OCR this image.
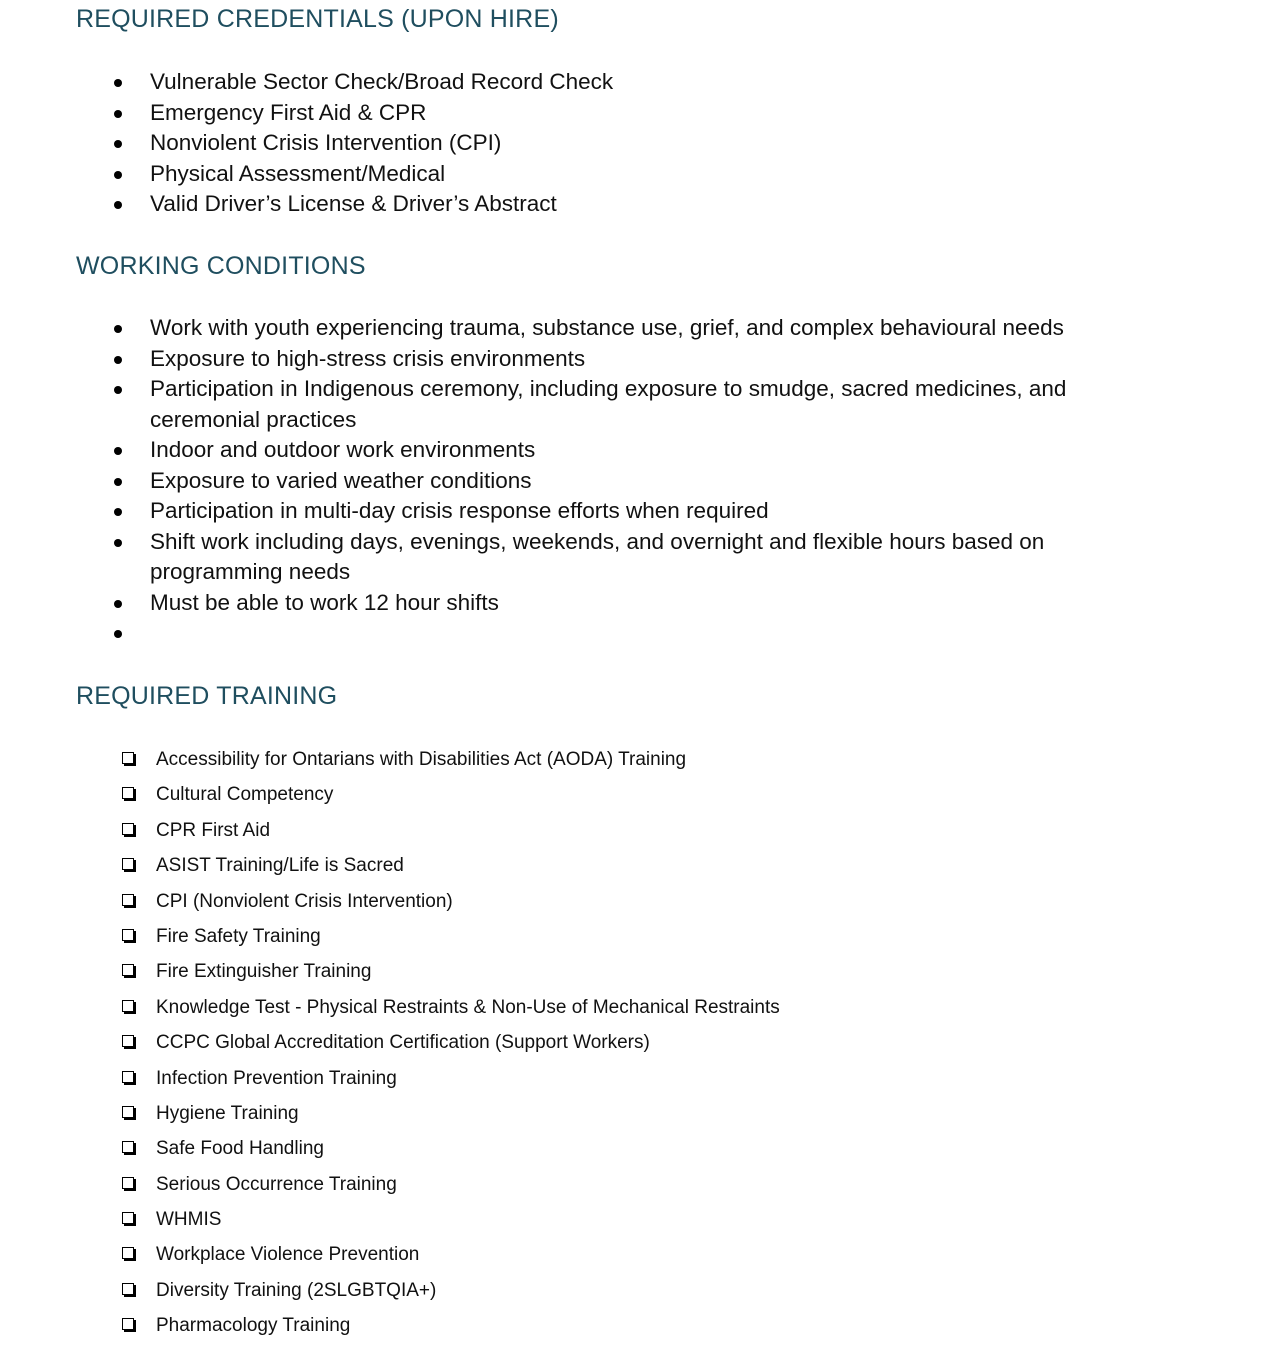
REQUIRED CREDENTIALS (UPON HIRE)
Vulnerable Sector Check/Broad Record Check
Emergency First Aid & CPR
Nonviolent Crisis Intervention (CPI)
Physical Assessment/Medical
Valid Driver’s License & Driver’s Abstract
WORKING CONDITIONS
Work with youth experiencing trauma, substance use, grief, and complex behavioural needs
Exposure to high-stress crisis environments
Participation in Indigenous ceremony, including exposure to smudge, sacred medicines, and ceremonial practices
Indoor and outdoor work environments
Exposure to varied weather conditions
Participation in multi-day crisis response efforts when required
Shift work including days, evenings, weekends, and overnight and flexible hours based on programming needs
Must be able to work 12 hour shifts
REQUIRED TRAINING
Accessibility for Ontarians with Disabilities Act (AODA) Training
Cultural Competency
CPR First Aid
ASIST Training/Life is Sacred
CPI (Nonviolent Crisis Intervention)
Fire Safety Training
Fire Extinguisher Training
Knowledge Test - Physical Restraints & Non-Use of Mechanical Restraints
CCPC Global Accreditation Certification (Support Workers)
Infection Prevention Training
Hygiene Training
Safe Food Handling
Serious Occurrence Training
WHMIS
Workplace Violence Prevention
Diversity Training (2SLGBTQIA+)
Pharmacology Training
